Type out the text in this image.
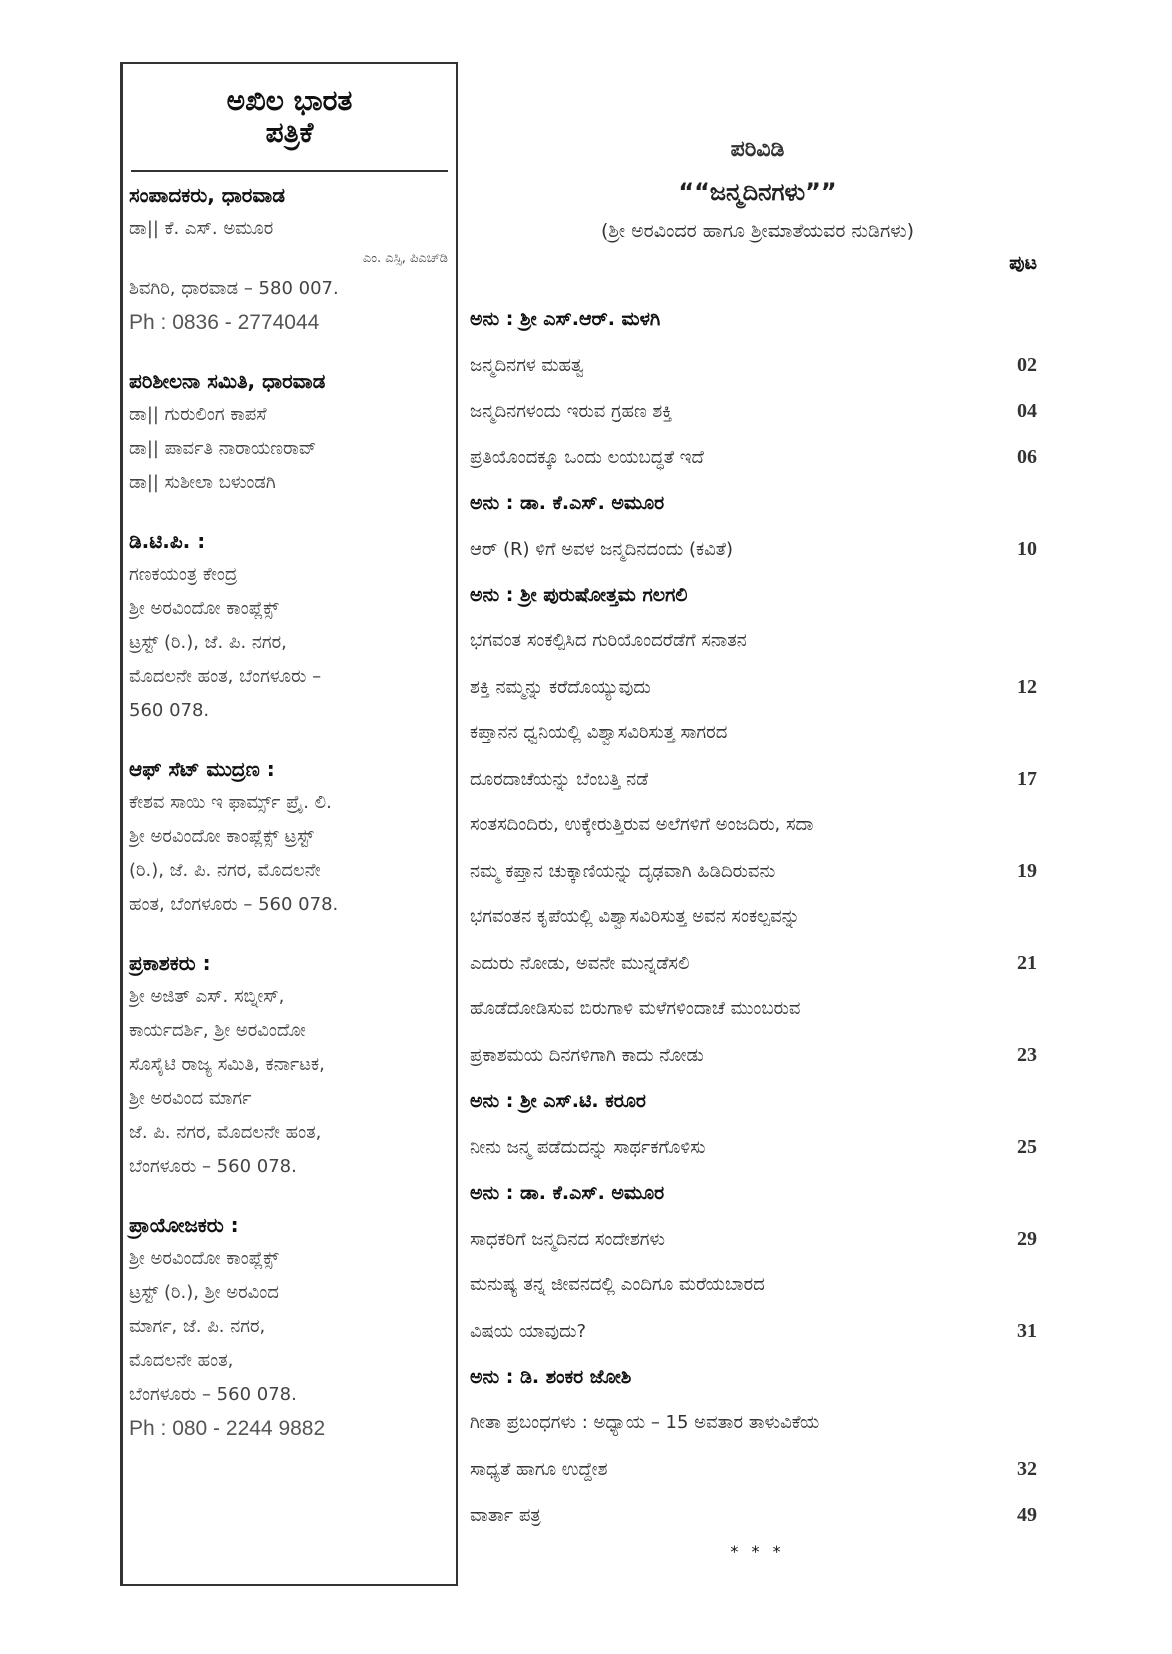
ಅಖಿಲ ಭಾರತ
ಪತ್ರಿಕೆ
ಸಂಪಾದಕರು, ಧಾರವಾಡ
ಡಾ|| ಕೆ. ಎಸ್. ಅಮೂರ
ಎಂ. ಎಸ್ಸಿ, ಪಿಎಚ್‌ಡಿ
ಶಿವಗಿರಿ, ಧಾರವಾಡ – 580 007.
Ph : 0836 - 2774044
ಪರಿಶೀಲನಾ ಸಮಿತಿ, ಧಾರವಾಡ
ಡಾ|| ಗುರುಲಿಂಗ ಕಾಪಸೆ
ಡಾ|| ಪಾರ್ವತಿ ನಾರಾಯಣರಾವ್
ಡಾ|| ಸುಶೀಲಾ ಬಳುಂಡಗಿ
ಡಿ.ಟಿ.ಪಿ. :
ಗಣಕಯಂತ್ರ ಕೇಂದ್ರ
ಶ್ರೀ ಅರವಿಂದೋ ಕಾಂಪ್ಲೆಕ್ಸ್
ಟ್ರಸ್ಟ್ (ರಿ.), ಜೆ. ಪಿ. ನಗರ,
ಮೊದಲನೇ ಹಂತ, ಬೆಂಗಳೂರು –
560 078.
ಆಫ್ ಸೆಟ್ ಮುದ್ರಣ :
ಕೇಶವ ಸಾಯಿ ಇ ಫಾರ್ಮ್ಸ್ ಪ್ರೈ. ಲಿ.
ಶ್ರೀ ಅರವಿಂದೋ ಕಾಂಪ್ಲೆಕ್ಸ್ ಟ್ರಸ್ಟ್
(ರಿ.), ಜೆ. ಪಿ. ನಗರ, ಮೊದಲನೇ
ಹಂತ, ಬೆಂಗಳೂರು – 560 078.
ಪ್ರಕಾಶಕರು :
ಶ್ರೀ ಅಜಿತ್ ಎಸ್. ಸಬ್ನೀಸ್,
ಕಾರ್ಯದರ್ಶಿ, ಶ್ರೀ ಅರವಿಂದೋ
ಸೊಸೈಟಿ ರಾಜ್ಯ ಸಮಿತಿ, ಕರ್ನಾಟಕ,
ಶ್ರೀ ಅರವಿಂದ ಮಾರ್ಗ
ಜೆ. ಪಿ. ನಗರ, ಮೊದಲನೇ ಹಂತ,
ಬೆಂಗಳೂರು – 560 078.
ಪ್ರಾಯೋಜಕರು :
ಶ್ರೀ ಅರವಿಂದೋ ಕಾಂಪ್ಲೆಕ್ಸ್
ಟ್ರಸ್ಟ್ (ರಿ.), ಶ್ರೀ ಅರವಿಂದ
ಮಾರ್ಗ, ಜೆ. ಪಿ. ನಗರ,
ಮೊದಲನೇ ಹಂತ,
ಬೆಂಗಳೂರು – 560 078.
Ph : 080 - 2244 9882
ಪರಿವಿಡಿ
““ಜನ್ಮದಿನಗಳು””
(ಶ್ರೀ ಅರವಿಂದರ ಹಾಗೂ ಶ್ರೀಮಾತೆಯವರ ನುಡಿಗಳು)
ಪುಟ
ಅನು : ಶ್ರೀ ಎಸ್.ಆರ್. ಮಳಗಿ
ಜನ್ಮದಿನಗಳ ಮಹತ್ವ	02
ಜನ್ಮದಿನಗಳಂದು ಇರುವ ಗ್ರಹಣ ಶಕ್ತಿ	04
ಪ್ರತಿಯೊಂದಕ್ಕೂ ಒಂದು ಲಯಬದ್ಧತೆ ಇದೆ	06
ಅನು : ಡಾ. ಕೆ.ಎಸ್. ಅಮೂರ
ಆರ್ (R) ಳಿಗೆ ಅವಳ ಜನ್ಮದಿನದಂದು (ಕವಿತೆ)	10
ಅನು : ಶ್ರೀ ಪುರುಷೋತ್ತಮ ಗಲಗಲಿ
ಭಗವಂತ ಸಂಕಲ್ಪಿಸಿದ ಗುರಿಯೊಂದರೆಡೆಗೆ ಸನಾತನ
ಶಕ್ತಿ ನಮ್ಮನ್ನು ಕರೆದೊಯ್ಯುವುದು	12
ಕಪ್ತಾನನ ಧ್ವನಿಯಲ್ಲಿ ವಿಶ್ವಾಸವಿರಿಸುತ್ತ ಸಾಗರದ
ದೂರದಾಚೆಯನ್ನು ಬೆಂಬತ್ತಿ ನಡೆ	17
ಸಂತಸದಿಂದಿರು, ಉಕ್ಕೇರುತ್ತಿರುವ ಅಲೆಗಳಿಗೆ ಅಂಜದಿರು, ಸದಾ
ನಮ್ಮ ಕಪ್ತಾನ ಚುಕ್ಕಾಣಿಯನ್ನು ದೃಢವಾಗಿ ಹಿಡಿದಿರುವನು	19
ಭಗವಂತನ ಕೃಪೆಯಲ್ಲಿ ವಿಶ್ವಾಸವಿರಿಸುತ್ತ ಅವನ ಸಂಕಲ್ಪವನ್ನು
ಎದುರು ನೋಡು, ಅವನೇ ಮುನ್ನಡೆಸಲಿ	21
ಹೊಡೆದೋಡಿಸುವ ಬಿರುಗಾಳಿ ಮಳೆಗಳಿಂದಾಚೆ ಮುಂಬರುವ
ಪ್ರಕಾಶಮಯ ದಿನಗಳಿಗಾಗಿ ಕಾದು ನೋಡು	23
ಅನು : ಶ್ರೀ ಎಸ್.ಟಿ. ಕರೂರ
ನೀನು ಜನ್ಮ ಪಡೆದುದನ್ನು ಸಾರ್ಥಕಗೊಳಿಸು	25
ಅನು : ಡಾ. ಕೆ.ಎಸ್. ಅಮೂರ
ಸಾಧಕರಿಗೆ ಜನ್ಮದಿನದ ಸಂದೇಶಗಳು	29
ಮನುಷ್ಯ ತನ್ನ ಜೀವನದಲ್ಲಿ ಎಂದಿಗೂ ಮರೆಯಬಾರದ
ವಿಷಯ ಯಾವುದು?	31
ಅನು : ಡಿ. ಶಂಕರ ಜೋಶಿ
ಗೀತಾ ಪ್ರಬಂಧಗಳು : ಅಧ್ಯಾಯ – 15 ಅವತಾರ ತಾಳುವಿಕೆಯ
ಸಾಧ್ಯತೆ ಹಾಗೂ ಉದ್ದೇಶ	32
ವಾರ್ತಾ ಪತ್ರ	49
* * *
